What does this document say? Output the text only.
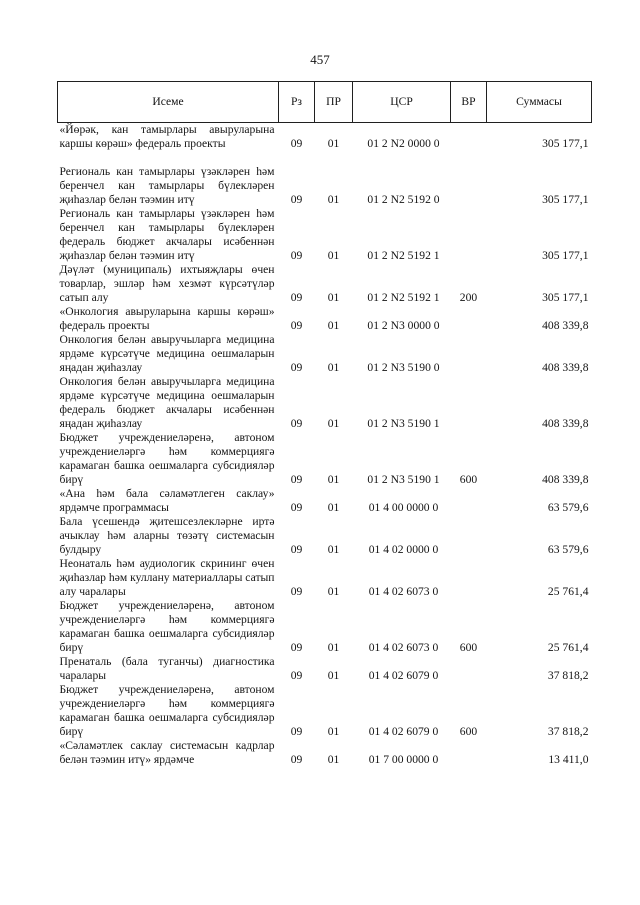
457
Исеме	Рз	ПР	ЦСР	ВР	Суммасы
«Йөрәк, кан тамырлары авыруларына каршы көрәш» федераль проекты	09	01	01 2 N2 0000 0		305 177,1
Региональ кан тамырлары үзәкләрен һәм беренчел кан тамырлары бүлекләрен җиһазлар белән тәэмин итү	09	01	01 2 N2 5192 0		305 177,1
Региональ кан тамырлары үзәкләрен һәм беренчел кан тамырлары бүлекләрен федераль бюджет акчалары исәбеннән җиһазлар белән тәэмин итү	09	01	01 2 N2 5192 1		305 177,1
Дәүләт (муниципаль) ихтыяҗлары өчен товарлар, эшләр һәм хезмәт күрсәтүләр сатып алу	09	01	01 2 N2 5192 1	200	305 177,1
«Онкология авыруларына каршы көрәш» федераль проекты	09	01	01 2 N3 0000 0		408 339,8
Онкология белән авыручыларга медицина ярдәме күрсәтүче медицина оешмаларын яңадан җиһазлау	09	01	01 2 N3 5190 0		408 339,8
Онкология белән авыручыларга медицина ярдәме күрсәтүче медицина оешмаларын федераль бюджет акчалары исәбеннән яңадан җиһазлау	09	01	01 2 N3 5190 1		408 339,8
Бюджет учреждениеләренә, автоном учреждениеләргә һәм коммерциягә карамаган башка оешмаларга субсидияләр бирү	09	01	01 2 N3 5190 1	600	408 339,8
«Ана һәм бала сәламәтлеген саклау» ярдәмче программасы	09	01	01 4 00 0000 0		63 579,6
Бала үсешендә җитешсезлекләрне иртә ачыклау һәм аларны төзәтү системасын булдыру	09	01	01 4 02 0000 0		63 579,6
Неонаталь һәм аудиологик скрининг өчен җиһазлар һәм куллану материаллары сатып алу чаралары	09	01	01 4 02 6073 0		25 761,4
Бюджет учреждениеләренә, автоном учреждениеләргә һәм коммерциягә карамаган башка оешмаларга субсидияләр бирү	09	01	01 4 02 6073 0	600	25 761,4
Пренаталь (бала туганчы) диагностика чаралары	09	01	01 4 02 6079 0		37 818,2
Бюджет учреждениеләренә, автоном учреждениеләргә һәм коммерциягә карамаган башка оешмаларга субсидияләр бирү	09	01	01 4 02 6079 0	600	37 818,2
«Сәламәтлек саклау системасын кадрлар белән тәэмин итү» ярдәмче	09	01	01 7 00 0000 0		13 411,0
